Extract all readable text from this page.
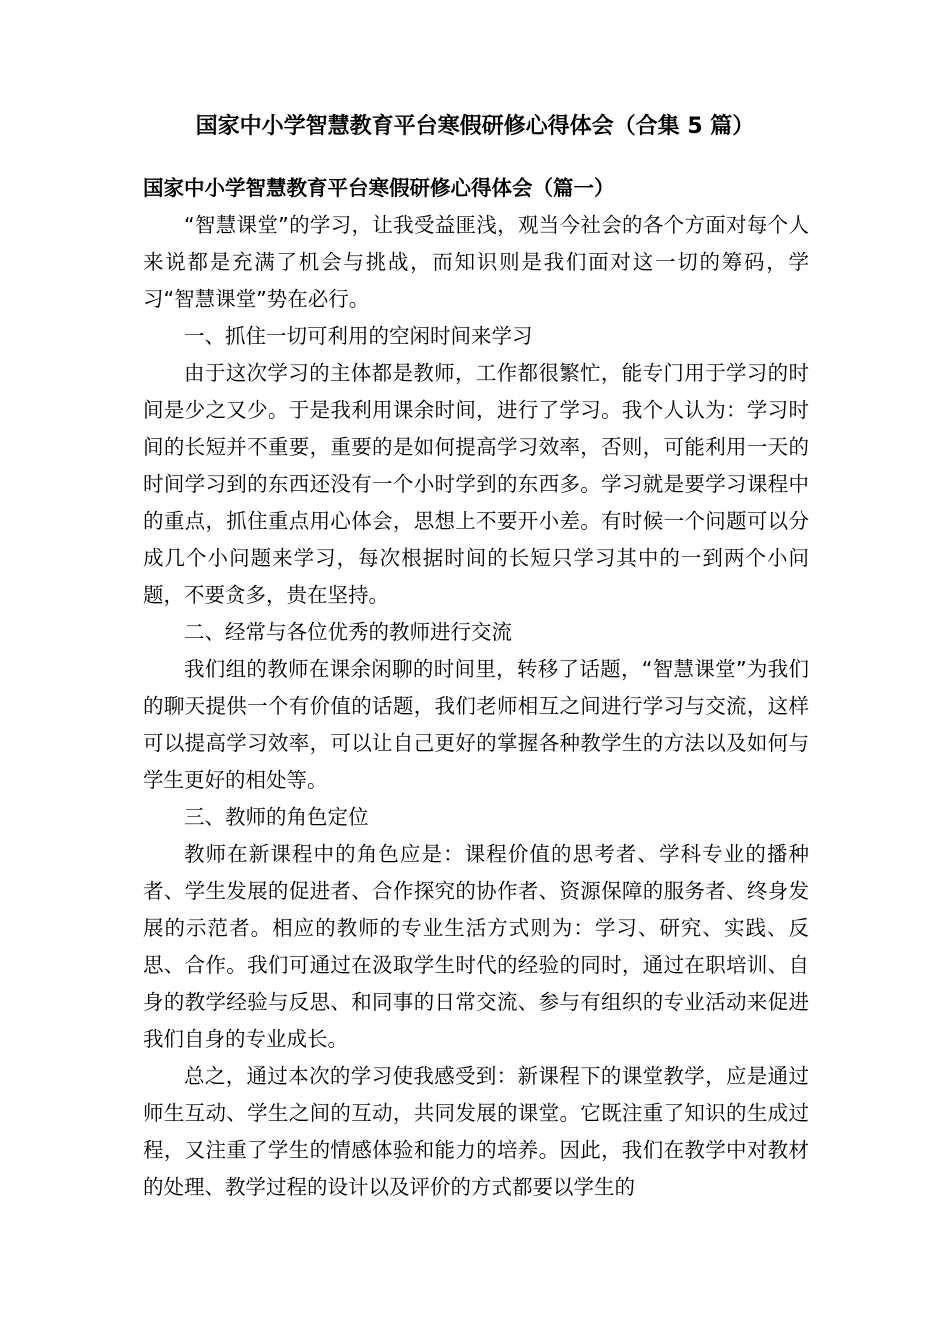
国家中小学智慧教育平台寒假研修心得体会（合集 5 篇）

国家中小学智慧教育平台寒假研修心得体会（篇一）

“智慧课堂”的学习，让我受益匪浅，观当今社会的各个方面对每个人来说都是充满了机会与挑战，而知识则是我们面对这一切的筹码，学习“智慧课堂”势在必行。

一、抓住一切可利用的空闲时间来学习

由于这次学习的主体都是教师，工作都很繁忙，能专门用于学习的时间是少之又少。于是我利用课余时间，进行了学习。我个人认为：学习时间的长短并不重要，重要的是如何提高学习效率，否则，可能利用一天的时间学习到的东西还没有一个小时学到的东西多。学习就是要学习课程中的重点，抓住重点用心体会，思想上不要开小差。有时候一个问题可以分成几个小问题来学习，每次根据时间的长短只学习其中的一到两个小问题，不要贪多，贵在坚持。

二、经常与各位优秀的教师进行交流

我们组的教师在课余闲聊的时间里，转移了话题，“智慧课堂”为我们的聊天提供一个有价值的话题，我们老师相互之间进行学习与交流，这样可以提高学习效率，可以让自己更好的掌握各种教学生的方法以及如何与学生更好的相处等。

三、教师的角色定位

教师在新课程中的角色应是：课程价值的思考者、学科专业的播种者、学生发展的促进者、合作探究的协作者、资源保障的服务者、终身发展的示范者。相应的教师的专业生活方式则为：学习、研究、实践、反思、合作。我们可通过在汲取学生时代的经验的同时，通过在职培训、自身的教学经验与反思、和同事的日常交流、参与有组织的专业活动来促进我们自身的专业成长。

总之，通过本次的学习使我感受到：新课程下的课堂教学，应是通过师生互动、学生之间的互动，共同发展的课堂。它既注重了知识的生成过程，又注重了学生的情感体验和能力的培养。因此，我们在教学中对教材的处理、教学过程的设计以及评价的方式都要以学生的
